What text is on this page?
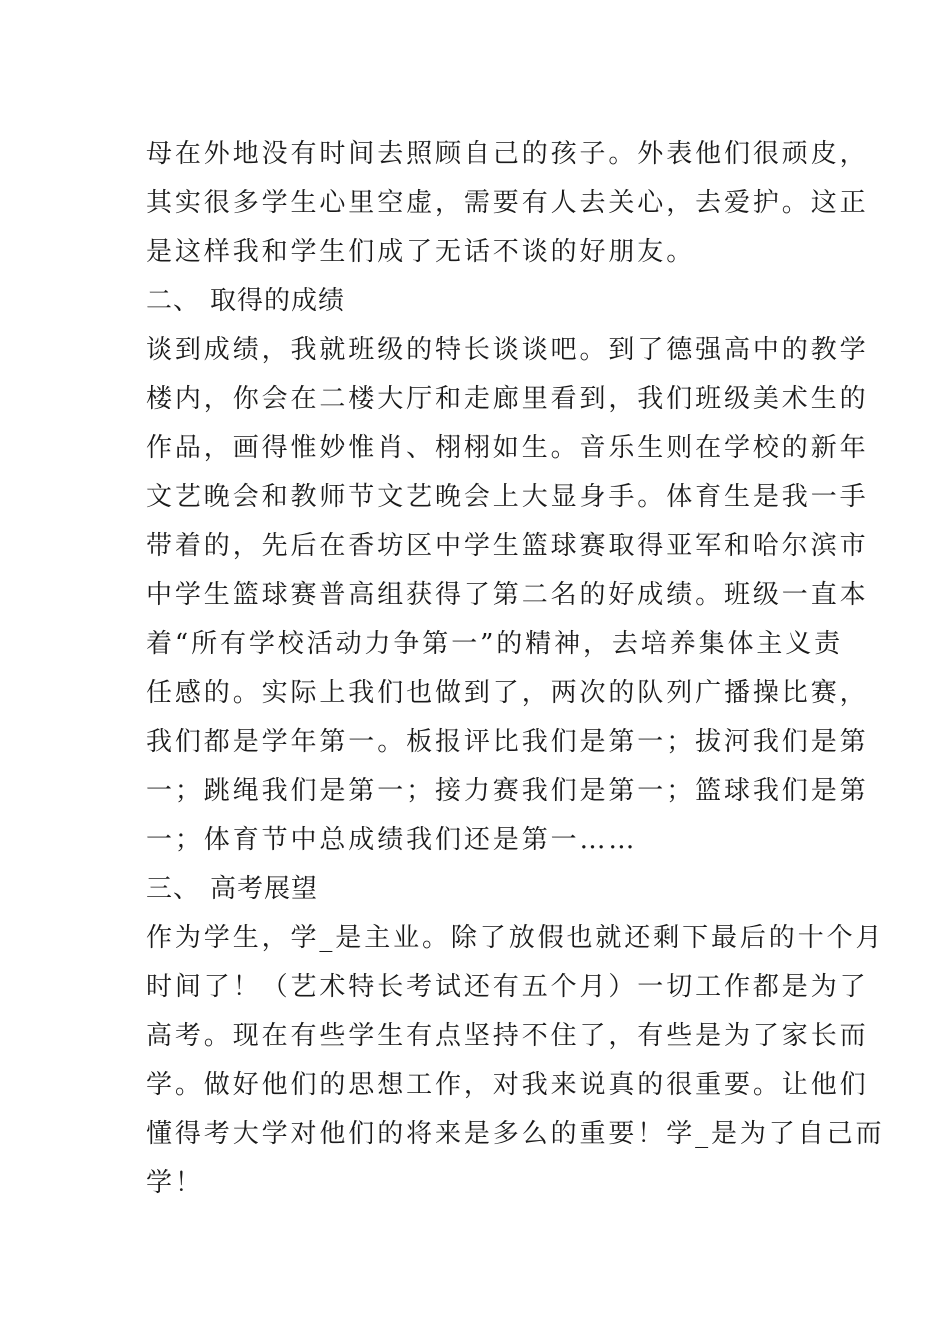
母在外地没有时间去照顾自己的孩子。外表他们很顽皮，
其实很多学生心里空虚，需要有人去关心，去爱护。这正
是这样我和学生们成了无话不谈的好朋友。
二、 取得的成绩
谈到成绩，我就班级的特长谈谈吧。到了德强高中的教学
楼内，你会在二楼大厅和走廊里看到，我们班级美术生的
作品，画得惟妙惟肖、栩栩如生。音乐生则在学校的新年
文艺晚会和教师节文艺晚会上大显身手。体育生是我一手
带着的，先后在香坊区中学生篮球赛取得亚军和哈尔滨市
中学生篮球赛普高组获得了第二名的好成绩。班级一直本
着“所有学校活动力争第一”的精神，去培养集体主义责
任感的。实际上我们也做到了，两次的队列广播操比赛，
我们都是学年第一。板报评比我们是第一；拔河我们是第
一；跳绳我们是第一；接力赛我们是第一；篮球我们是第
一；体育节中总成绩我们还是第一……
三、 高考展望
作为学生，学_是主业。除了放假也就还剩下最后的十个月
时间了！（艺术特长考试还有五个月）一切工作都是为了
高考。现在有些学生有点坚持不住了，有些是为了家长而
学。做好他们的思想工作，对我来说真的很重要。让他们
懂得考大学对他们的将来是多么的重要！学_是为了自己而
学！
